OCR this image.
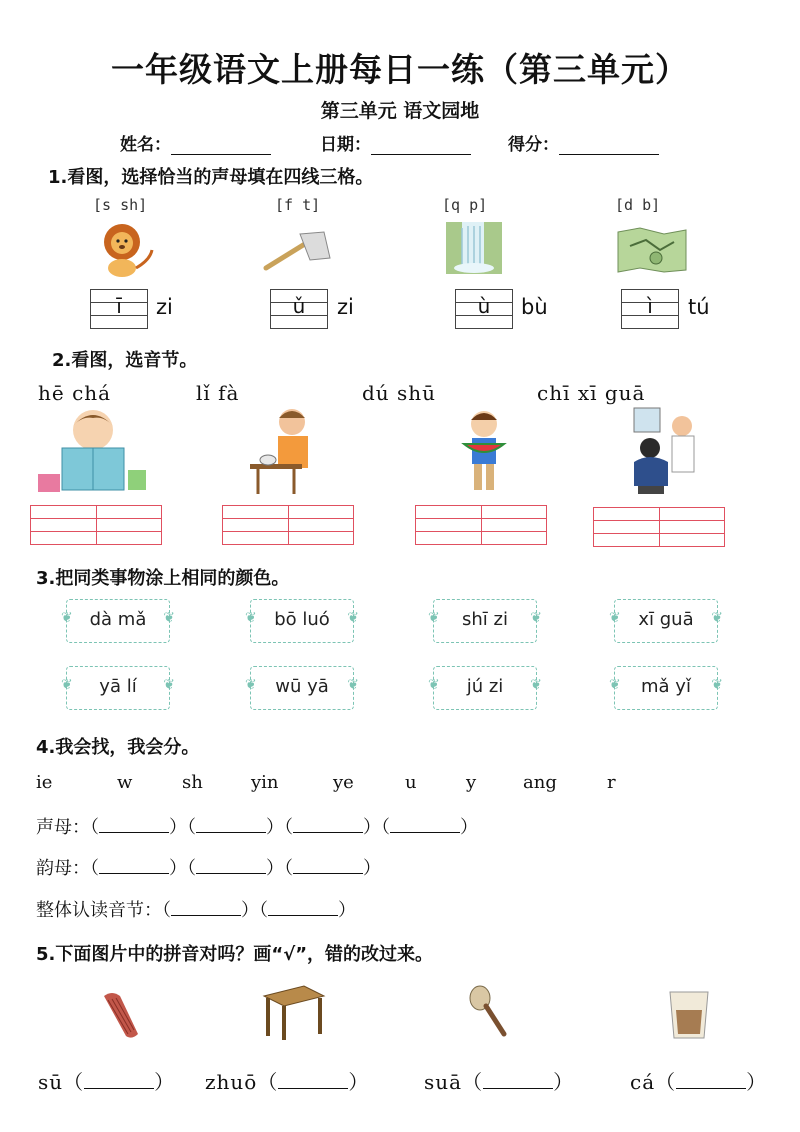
一年级语文上册每日一练（第三单元）
第三单元 语文园地
姓名：	日期：	得分：
1.看图，选择恰当的声母填在四线三格。
[s sh]	[f t]	[q p]	[d b]
ī	zi	ǔ	zi	ù	bù	ì	tú
2.看图，选音节。
hē chá	lǐ fà	dú shū	chī xī guā
3.把同类事物涂上相同的颜色。
❦ dà mǎ ❦	❦ bō luó ❦	❦ shī zi ❦	❦ xī guā ❦
❦ yā lí ❦	❦ wū yā ❦	❦ jú zi ❦	❦ mǎ yǐ ❦
4.我会找，我会分。
ie	w	sh	yin	ye	u	y	ang	r
声母：（	）（	）（	）（	）
韵母：（	）（	）（	）
整体认读音节：（	）（	）
5.下面图片中的拼音对吗？画“√”，错的改过来。
sū（	） zhuō（	）	suā（	）	cá（	）
